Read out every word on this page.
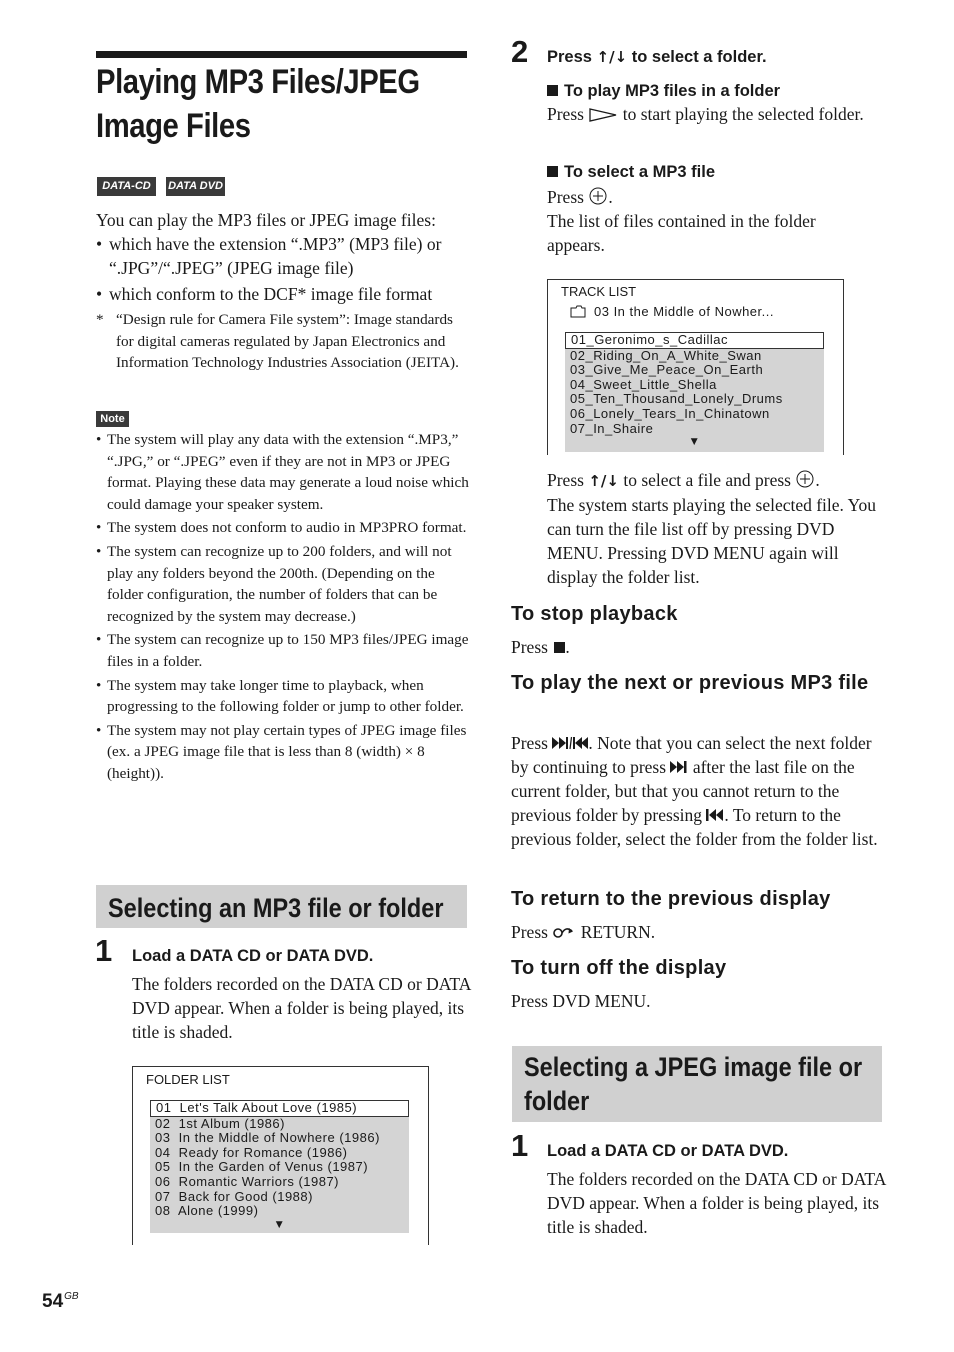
Playing MP3 Files/JPEG Image Files
DATA-CD	DATA DVD
You can play the MP3 files or JPEG image files:
• which have the extension “.MP3” (MP3 file) or “.JPG”/“.JPEG” (JPEG image file)
• which conform to the DCF* image file format
* “Design rule for Camera File system”: Image standards for digital cameras regulated by Japan Electronics and Information Technology Industries Association (JEITA).
Note
• The system will play any data with the extension “.MP3,” “.JPG,” or “.JPEG” even if they are not in MP3 or JPEG format. Playing these data may generate a loud noise which could damage your speaker system.
• The system does not conform to audio in MP3PRO format.
• The system can recognize up to 200 folders, and will not play any folders beyond the 200th. (Depending on the folder configuration, the number of folders that can be recognized by the system may decrease.)
• The system can recognize up to 150 MP3 files/JPEG image files in a folder.
• The system may take longer time to playback, when progressing to the following folder or jump to other folder.
• The system may not play certain types of JPEG image files (ex. a JPEG image file that is less than 8 (width) × 8 (height)).
Selecting an MP3 file or folder
1 Load a DATA CD or DATA DVD.
The folders recorded on the DATA CD or DATA DVD appear. When a folder is being played, its title is shaded.
FOLDER LIST
01  Let's Talk About Love (1985)
02  1st Album (1986)
03  In the Middle of Nowhere (1986)
04  Ready for Romance (1986)
05  In the Garden of Venus (1987)
06  Romantic Warriors (1987)
07  Back for Good (1988)
08  Alone (1999)
▼
$54^{GB}$
2 Press ↑/↓ to select a folder.
To play MP3 files in a folder
Press to start playing the selected folder.
To select a MP3 file
Press .
The list of files contained in the folder appears.
TRACK LIST
03 In the Middle of Nowher...
01_Geronimo_s_Cadillac
02_Riding_On_A_White_Swan
03_Give_Me_Peace_On_Earth
04_Sweet_Little_Shella
05_Ten_Thousand_Lonely_Drums
06_Lonely_Tears_In_Chinatown
07_In_Shaire
▼
Press ↑/↓ to select a file and press .
The system starts playing the selected file. You can turn the file list off by pressing DVD MENU. Pressing DVD MENU again will display the folder list.
To stop playback
Press .
To play the next or previous MP3 file
Press . Note that you can select the next folder by continuing to press after the last file on the current folder, but that you cannot return to the previous folder by pressing . To return to the previous folder, select the folder from the folder list.
To return to the previous display
Press RETURN.
To turn off the display
Press DVD MENU.
Selecting a JPEG image file or
folder
1 Load a DATA CD or DATA DVD.
The folders recorded on the DATA CD or DATA DVD appear. When a folder is being played, its title is shaded.
